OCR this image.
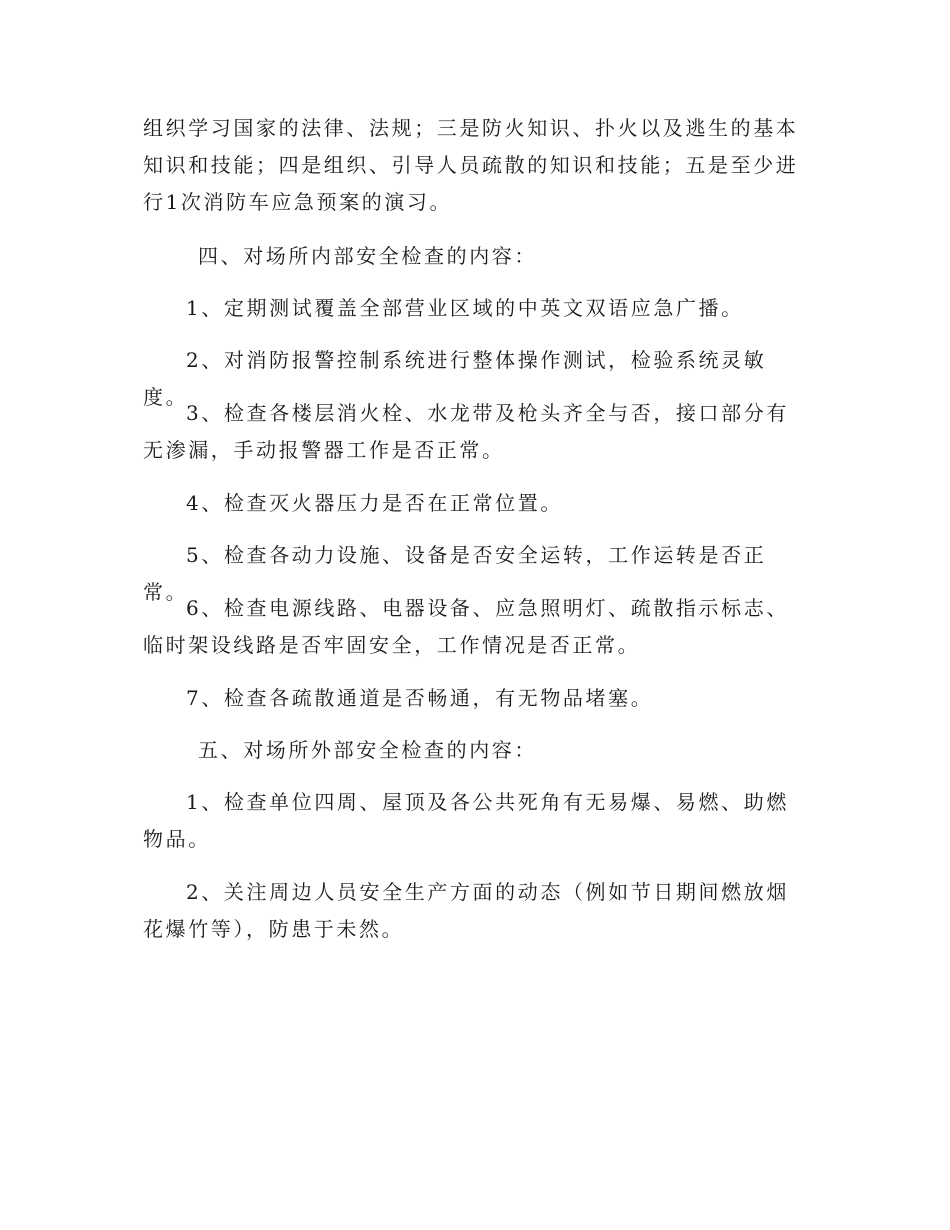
组织学习国家的法律、法规；三是防火知识、扑火以及逃生的基本知识和技能；四是组织、引导人员疏散的知识和技能；五是至少进行1次消防车应急预案的演习。

四、对场所内部安全检查的内容：

1、定期测试覆盖全部营业区域的中英文双语应急广播。

2、对消防报警控制系统进行整体操作测试，检验系统灵敏度。

3、检查各楼层消火栓、水龙带及枪头齐全与否，接口部分有无渗漏，手动报警器工作是否正常。

4、检查灭火器压力是否在正常位置。

5、检查各动力设施、设备是否安全运转，工作运转是否正常。

6、检查电源线路、电器设备、应急照明灯、疏散指示标志、临时架设线路是否牢固安全，工作情况是否正常。

7、检查各疏散通道是否畅通，有无物品堵塞。

五、对场所外部安全检查的内容：

1、检查单位四周、屋顶及各公共死角有无易爆、易燃、助燃物品。

2、关注周边人员安全生产方面的动态（例如节日期间燃放烟花爆竹等），防患于未然。
